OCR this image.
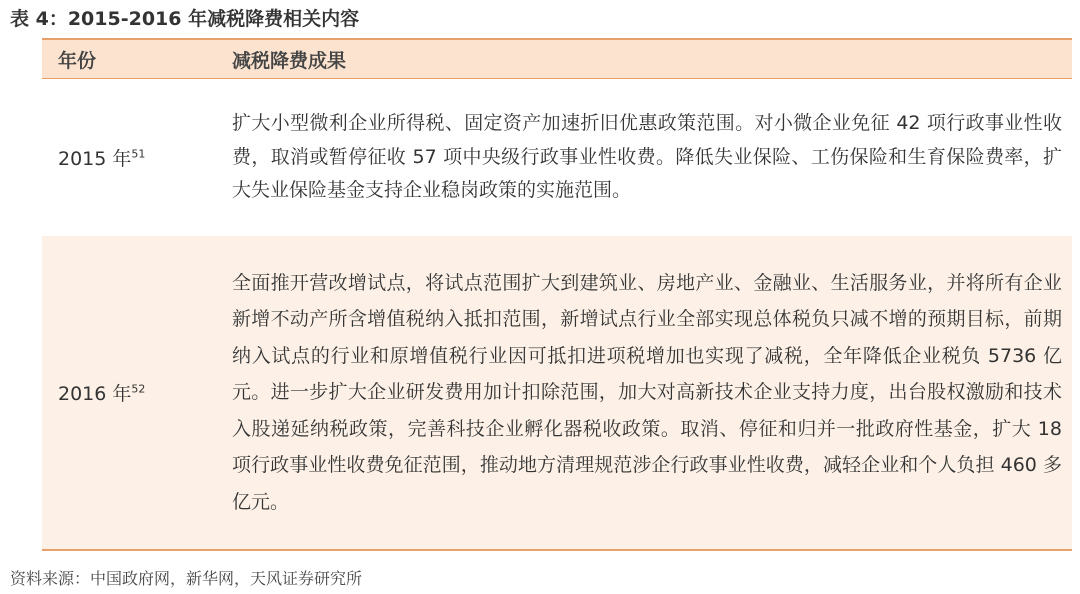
表 4：2015-2016 年减税降费相关内容
年份	减税降费成果
2015 年$^{51}$
扩大小型微利企业所得税、固定资产加速折旧优惠政策范围。对小微企业免征 42 项行政事业性收费，取消或暂停征收 57 项中央级行政事业性收费。降低失业保险、工伤保险和生育保险费率，扩大失业保险基金支持企业稳岗政策的实施范围。
2016 年$^{52}$
全面推开营改增试点，将试点范围扩大到建筑业、房地产业、金融业、生活服务业，并将所有企业新增不动产所含增值税纳入抵扣范围，新增试点行业全部实现总体税负只减不增的预期目标，前期纳入试点的行业和原增值税行业因可抵扣进项税增加也实现了减税，全年降低企业税负 5736 亿元。进一步扩大企业研发费用加计扣除范围，加大对高新技术企业支持力度，出台股权激励和技术入股递延纳税政策，完善科技企业孵化器税收政策。取消、停征和归并一批政府性基金，扩大 18 项行政事业性收费免征范围，推动地方清理规范涉企行政事业性收费，减轻企业和个人负担 460 多亿元。
资料来源：中国政府网，新华网，天风证券研究所
